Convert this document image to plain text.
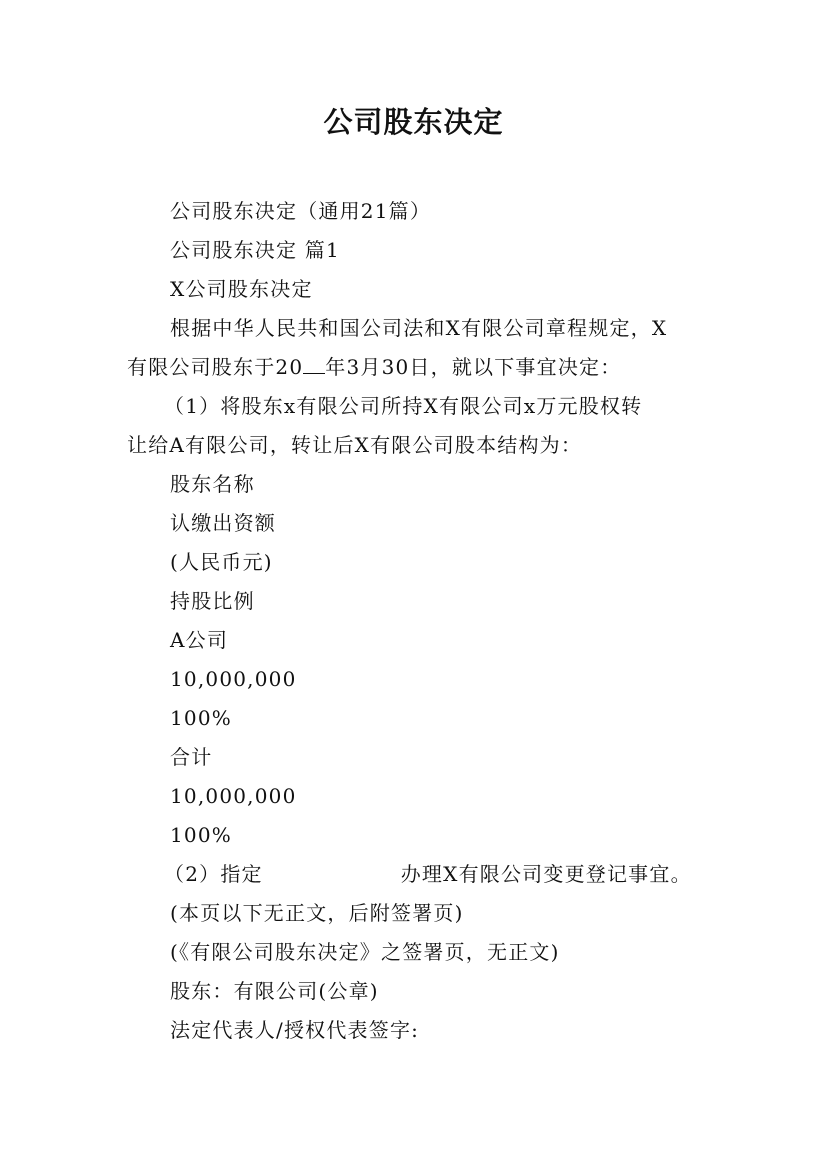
公司股东决定
公司股东决定（通用21篇）
公司股东决定 篇1
X公司股东决定
根据中华人民共和国公司法和X有限公司章程规定，X
有限公司股东于20 年3月30日，就以下事宜决定：
（1）将股东x有限公司所持X有限公司x万元股权转
让给A有限公司，转让后X有限公司股本结构为：
股东名称
认缴出资额
(人民币元)
持股比例
A公司
10,000,000
100%
合计
10,000,000
100%
（2）指定	办理X有限公司变更登记事宜。
(本页以下无正文，后附签署页)
(《有限公司股东决定》之签署页，无正文)
股东：有限公司(公章)
法定代表人/授权代表签字:
